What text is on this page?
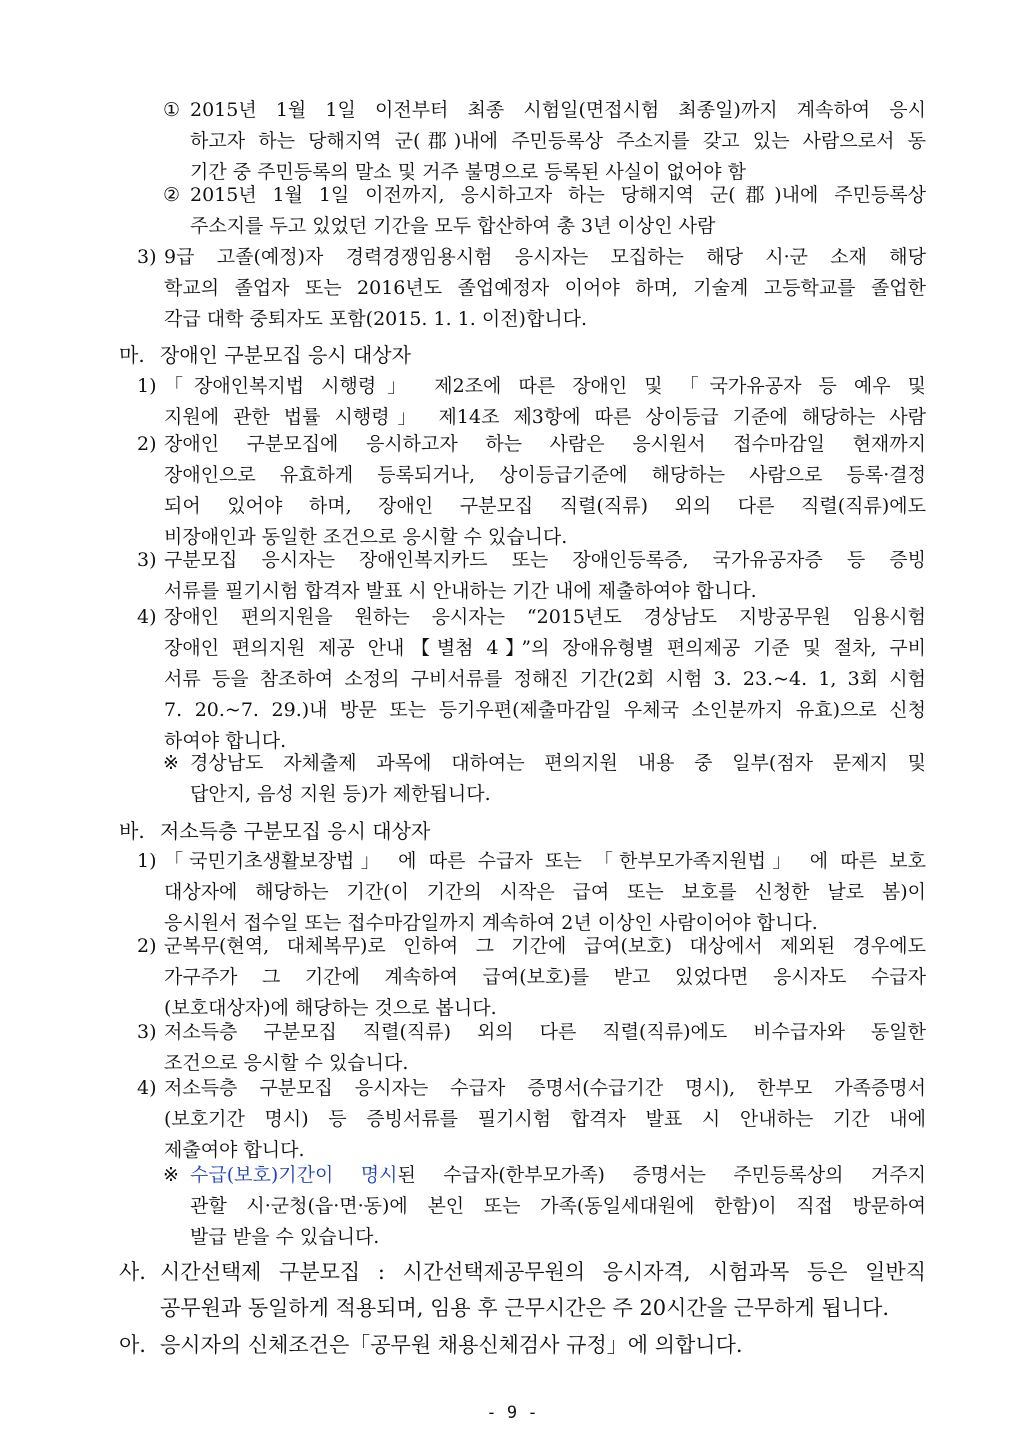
① 2015년 1월 1일 이전부터 최종 시험일(면접시험 최종일)까지 계속하여 응시
하고자 하는 당해지역 군(郡)내에 주민등록상 주소지를 갖고 있는 사람으로서 동
기간 중 주민등록의 말소 및 거주 불명으로 등록된 사실이 없어야 함
② 2015년 1월 1일 이전까지, 응시하고자 하는 당해지역 군(郡)내에 주민등록상
주소지를 두고 있었던 기간을 모두 합산하여 총 3년 이상인 사람
3) 9급 고졸(예정)자 경력경쟁임용시험 응시자는 모집하는 해당 시·군 소재 해당
학교의 졸업자 또는 2016년도 졸업예정자 이어야 하며, 기술계 고등학교를 졸업한
각급 대학 중퇴자도 포함(2015. 1. 1. 이전)합니다.
마. 장애인 구분모집 응시 대상자
1) 「장애인복지법 시행령」 제2조에 따른 장애인 및 「국가유공자 등 예우 및
지원에 관한 법률 시행령」 제14조 제3항에 따른 상이등급 기준에 해당하는 사람
2) 장애인 구분모집에 응시하고자 하는 사람은 응시원서 접수마감일 현재까지
장애인으로 유효하게 등록되거나, 상이등급기준에 해당하는 사람으로 등록·결정
되어 있어야 하며, 장애인 구분모집 직렬(직류) 외의 다른 직렬(직류)에도
비장애인과 동일한 조건으로 응시할 수 있습니다.
3) 구분모집 응시자는 장애인복지카드 또는 장애인등록증, 국가유공자증 등 증빙
서류를 필기시험 합격자 발표 시 안내하는 기간 내에 제출하여야 합니다.
4) 장애인 편의지원을 원하는 응시자는 “2015년도 경상남도 지방공무원 임용시험
장애인 편의지원 제공 안내【별첨 4】”의 장애유형별 편의제공 기준 및 절차, 구비
서류 등을 참조하여 소정의 구비서류를 정해진 기간(2회 시험 3. 23.~4. 1, 3회 시험
7. 20.~7. 29.)내 방문 또는 등기우편(제출마감일 우체국 소인분까지 유효)으로 신청
하여야 합니다.
※ 경상남도 자체출제 과목에 대하여는 편의지원 내용 중 일부(점자 문제지 및
답안지, 음성 지원 등)가 제한됩니다.
바. 저소득층 구분모집 응시 대상자
1) 「국민기초생활보장법」 에 따른 수급자 또는 「한부모가족지원법」 에 따른 보호
대상자에 해당하는 기간(이 기간의 시작은 급여 또는 보호를 신청한 날로 봄)이
응시원서 접수일 또는 접수마감일까지 계속하여 2년 이상인 사람이어야 합니다.
2) 군복무(현역, 대체복무)로 인하여 그 기간에 급여(보호) 대상에서 제외된 경우에도
가구주가 그 기간에 계속하여 급여(보호)를 받고 있었다면 응시자도 수급자
(보호대상자)에 해당하는 것으로 봅니다.
3) 저소득층 구분모집 직렬(직류) 외의 다른 직렬(직류)에도 비수급자와 동일한
조건으로 응시할 수 있습니다.
4) 저소득층 구분모집 응시자는 수급자 증명서(수급기간 명시), 한부모 가족증명서
(보호기간 명시) 등 증빙서류를 필기시험 합격자 발표 시 안내하는 기간 내에
제출여야 합니다.
※ 수급(보호)기간이 명시된 수급자(한부모가족) 증명서는 주민등록상의 거주지
관할 시·군청(읍·면·동)에 본인 또는 가족(동일세대원에 한함)이 직접 방문하여
발급 받을 수 있습니다.
사. 시간선택제 구분모집 : 시간선택제공무원의 응시자격, 시험과목 등은 일반직
공무원과 동일하게 적용되며, 임용 후 근무시간은 주 20시간을 근무하게 됩니다.
아. 응시자의 신체조건은「공무원 채용신체검사 규정」에 의합니다.
- 9 -
